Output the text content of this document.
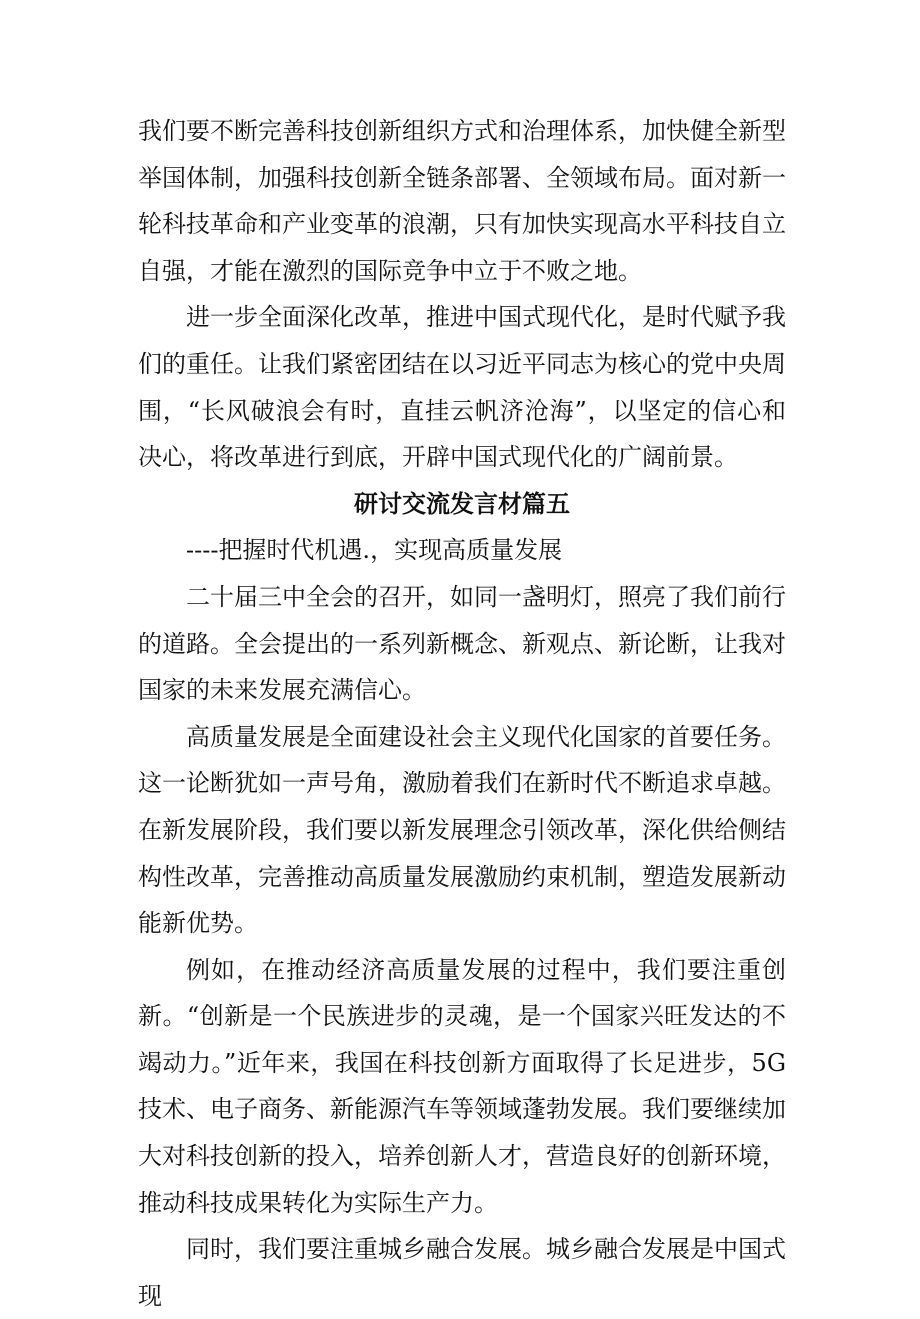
我们要不断完善科技创新组织方式和治理体系，加快健全新型举国体制，加强科技创新全链条部署、全领域布局。面对新一轮科技革命和产业变革的浪潮，只有加快实现高水平科技自立自强，才能在激烈的国际竞争中立于不败之地。

进一步全面深化改革，推进中国式现代化，是时代赋予我们的重任。让我们紧密团结在以习近平同志为核心的党中央周围，“长风破浪会有时，直挂云帆济沧海”，以坚定的信心和决心，将改革进行到底，开辟中国式现代化的广阔前景。

研讨交流发言材篇五

----把握时代机遇.，实现高质量发展

二十届三中全会的召开，如同一盏明灯，照亮了我们前行的道路。全会提出的一系列新概念、新观点、新论断，让我对国家的未来发展充满信心。

高质量发展是全面建设社会主义现代化国家的首要任务。这一论断犹如一声号角，激励着我们在新时代不断追求卓越。在新发展阶段，我们要以新发展理念引领改革，深化供给侧结构性改革，完善推动高质量发展激励约束机制，塑造发展新动能新优势。

例如，在推动经济高质量发展的过程中，我们要注重创新。“创新是一个民族进步的灵魂，是一个国家兴旺发达的不竭动力。”近年来，我国在科技创新方面取得了长足进步，5G技术、电子商务、新能源汽车等领域蓬勃发展。我们要继续加大对科技创新的投入，培养创新人才，营造良好的创新环境，推动科技成果转化为实际生产力。

同时，我们要注重城乡融合发展。城乡融合发展是中国式现
